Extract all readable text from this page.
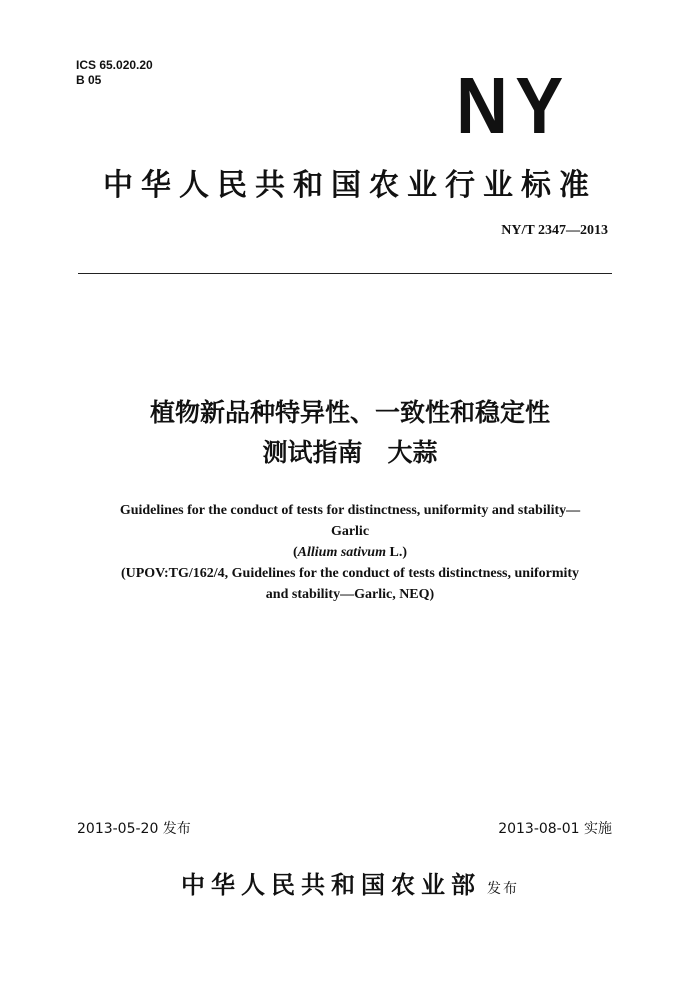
ICS 65.020.20
B 05	NY
中华人民共和国农业行业标准
NY/T 2347—2013
植物新品种特异性、一致性和稳定性
测试指南　大蒜
Guidelines for the conduct of tests for distinctness, uniformity and stability—
Garlic
(Allium sativum L.)
(UPOV:TG/162/4, Guidelines for the conduct of tests distinctness, uniformity
and stability—Garlic, NEQ)
2013-05-20 发布	2013-08-01 实施
中华人民共和国农业部 发布
